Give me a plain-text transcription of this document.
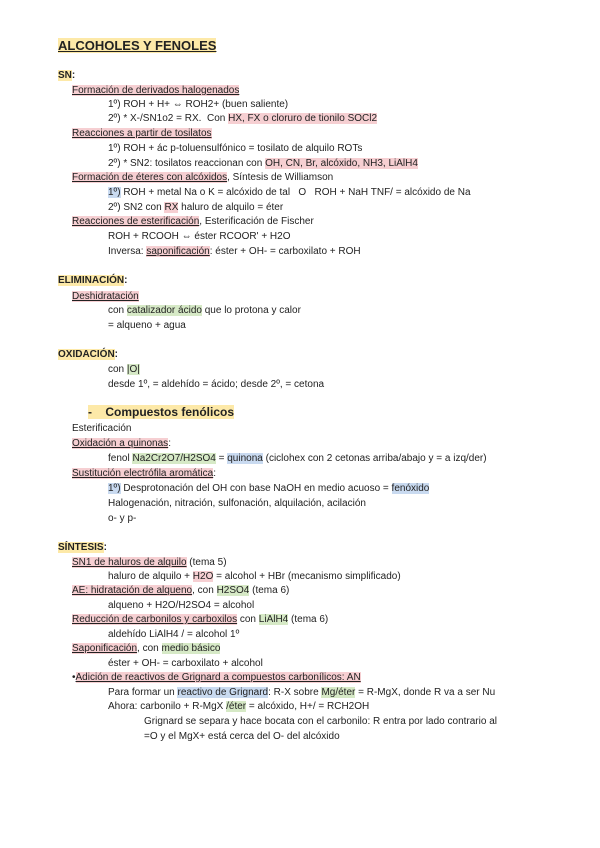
ALCOHOLES Y FENOLES
SN:
Formación de derivados halogenados
1º) ROH + H+ ⇔ ROH2+ (buen saliente)
2º) * X-/SN1o2 = RX.  Con HX, FX o cloruro de tionilo SOCl2
Reacciones a partir de tosilatos
1º) ROH + ác p-toluensulfónico = tosilato de alquilo ROTs
2º) * SN2: tosilatos reaccionan con OH, CN, Br, alcóxido, NH3, LiAlH4
Formación de éteres con alcóxidos, Síntesis de Williamson
1º) ROH + metal Na o K = alcóxido de tal   O   ROH + NaH TNF/ = alcóxido de Na
2º) SN2 con RX haluro de alquilo = éter
Reacciones de esterificación, Esterificación de Fischer
ROH + RCOOH ⇔ éster RCOOR' + H2O
Inversa: saponificación: éster + OH- = carboxilato + ROH
ELIMINACIÓN:
Deshidratación
con catalizador ácido que lo protona y calor
= alqueno + agua
OXIDACIÓN:
con |O|
desde 1º, = aldehído = ácido; desde 2º, = cetona
- Compuestos fenólicos
Esterificación
Oxidación a quinonas:
fenol Na2Cr2O7/H2SO4 = quinona (ciclohex con 2 cetonas arriba/abajo y = a izq/der)
Sustitución electrófila aromática:
1º) Desprotonación del OH con base NaOH en medio acuoso = fenóxido
Halogenación, nitración, sulfonación, alquilación, acilación
o- y p-
SÍNTESIS:
SN1 de haluros de alquilo (tema 5)
haluro de alquilo + H2O = alcohol + HBr (mecanismo simplificado)
AE: hidratación de alqueno, con H2SO4 (tema 6)
alqueno + H2O/H2SO4 = alcohol
Reducción de carbonilos y carboxilos con LiAlH4 (tema 6)
aldehído LiAlH4 / = alcohol 1º
Saponificación, con medio básico
éster + OH- = carboxilato + alcohol
•Adición de reactivos de Grignard a compuestos carbonílicos: AN
Para formar un reactivo de Grignard: R-X sobre Mg/éter = R-MgX, donde R va a ser Nu
Ahora: carbonilo + R-MgX /éter = alcóxido, H+/ = RCH2OH
Grignard se separa y hace bocata con el carbonilo: R entra por lado contrario al
=O y el MgX+ está cerca del O- del alcóxido
